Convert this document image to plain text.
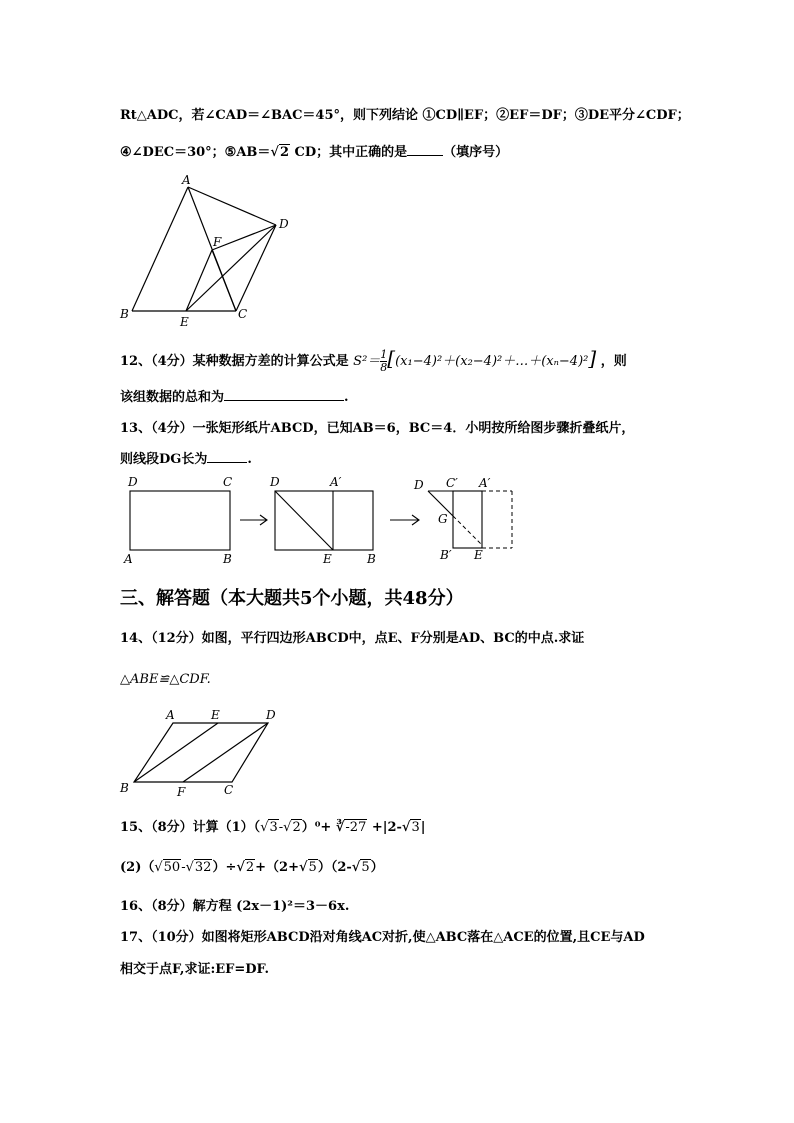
Rt△ADC，若∠CAD＝∠BAC＝45°，则下列结论 ①CD∥EF；②EF＝DF；③DE平分∠CDF；
④∠DEC＝30°；⑤AB＝√2 CD；其中正确的是	（填序号）
A
D
F
B
E
C
12、（4分）某种数据方差的计算公式是 $S^2= \frac{1}{8}$ [(x₁−4)²＋(x₂−4)²＋…＋(xₙ−4)²] ，则
该组数据的总和为	.
13、（4分）一张矩形纸片ABCD，已知AB＝6，BC＝4．小明按所给图步骤折叠纸片，
则线段DG长为	.
D	C
A	B
D	A′
E	B
D C′ A′
G
B′ E
三、解答题（本大题共5个小题，共48分）
14、（12分）如图，平行四边形ABCD中，点E、F分别是AD、BC的中点.求证
△ABE≌△CDF.
A	E	D
B	F	C
15、（8分）计算（1）（√3-√2）⁰+ ∛-27 +|2-√3|
(2)（√50-√32）÷√2+（2+√5）（2-√5）
16、（8分）解方程 (2x－1)²＝3－6x.
17、（10分）如图将矩形ABCD沿对角线AC对折,使△ABC落在△ACE的位置,且CE与AD
相交于点F,求证:EF=DF.
